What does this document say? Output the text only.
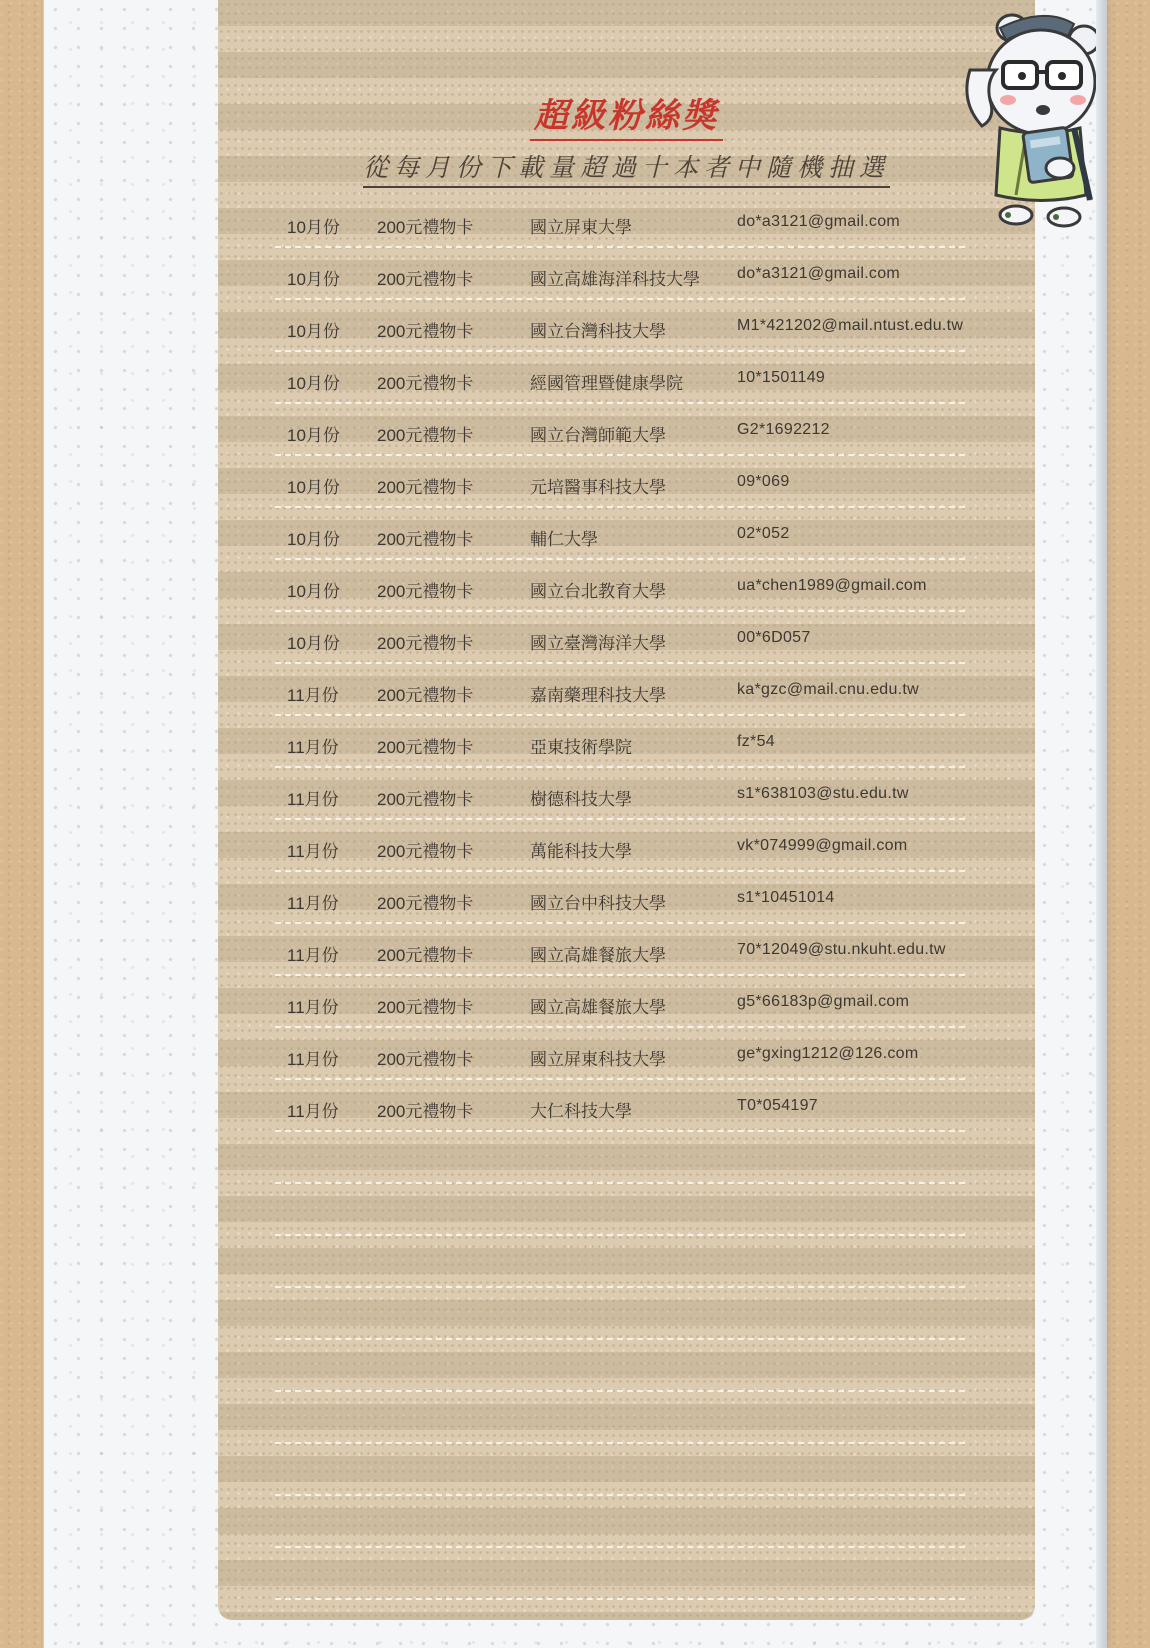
超級粉絲獎
從每月份下載量超過十本者中隨機抽選
10月份 200元禮物卡	國立屏東大學	do*a3121@gmail.com
10月份 200元禮物卡	國立高雄海洋科技大學 do*a3121@gmail.com
10月份 200元禮物卡	國立台灣科技大學	M1*421202@mail.ntust.edu.tw
10月份 200元禮物卡	經國管理暨健康學院	10*1501149
10月份 200元禮物卡	國立台灣師範大學	G2*1692212
10月份 200元禮物卡	元培醫事科技大學	09*069
10月份 200元禮物卡	輔仁大學	02*052
10月份 200元禮物卡	國立台北教育大學	ua*chen1989@gmail.com
10月份 200元禮物卡	國立臺灣海洋大學	00*6D057
11月份 200元禮物卡	嘉南藥理科技大學	ka*gzc@mail.cnu.edu.tw
11月份 200元禮物卡	亞東技術學院	fz*54
11月份 200元禮物卡	樹德科技大學	s1*638103@stu.edu.tw
11月份 200元禮物卡	萬能科技大學	vk*074999@gmail.com
11月份 200元禮物卡	國立台中科技大學	s1*10451014
11月份 200元禮物卡	國立高雄餐旅大學	70*12049@stu.nkuht.edu.tw
11月份 200元禮物卡	國立高雄餐旅大學	g5*66183p@gmail.com
11月份 200元禮物卡	國立屏東科技大學	ge*gxing1212@126.com
11月份 200元禮物卡	大仁科技大學	T0*054197
